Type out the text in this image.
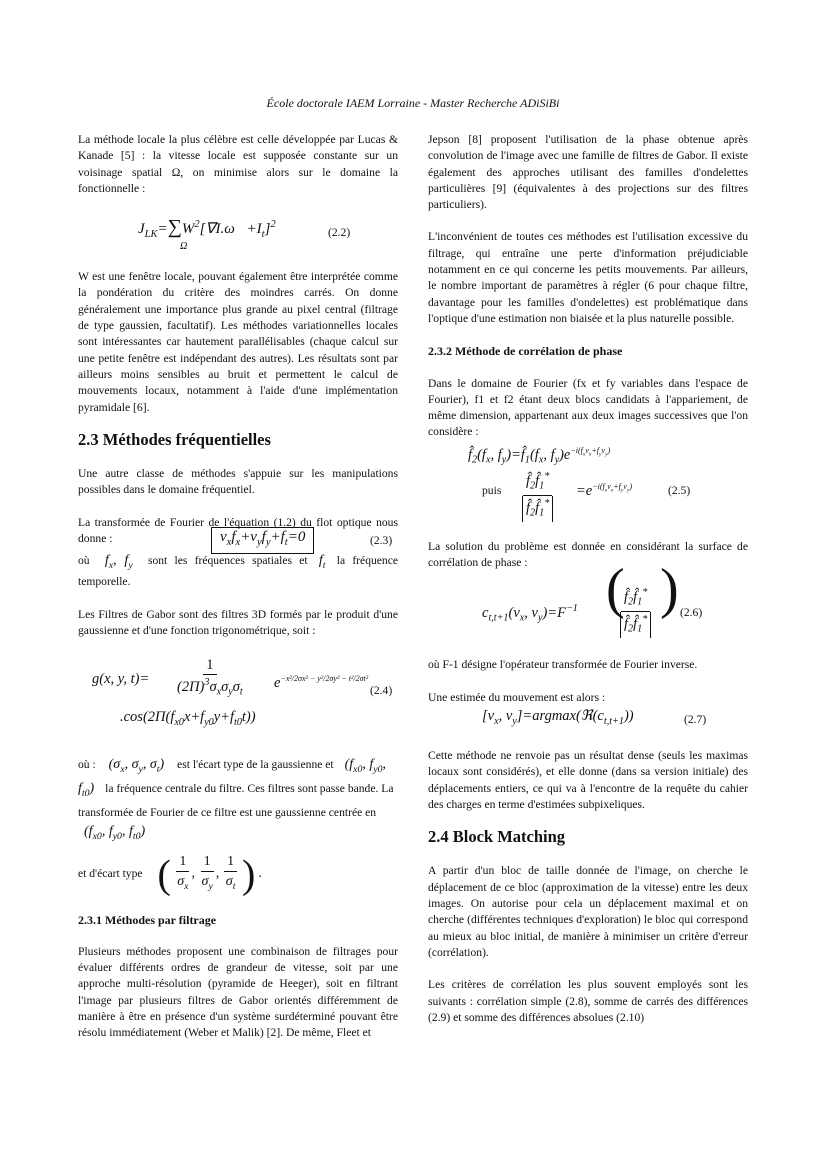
École doctorale IAEM Lorraine - Master Recherche ADiSiBi

La méthode locale la plus célèbre est celle développée par Lucas & Kanade [5] : la vitesse locale est supposée constante sur un voisinage spatial Ω, on minimise alors sur le domaine la fonctionnelle :

$J_{LK}=\sum W^2[\nabla I.\omega⃗+I_t]^2$
Ω
(2.2)

W est une fenêtre locale, pouvant également être interprétée comme la pondération du critère des moindres carrés. On donne généralement une importance plus grande au pixel central (filtrage de type gaussien, facultatif). Les méthodes variationnelles locales sont intéressantes car hautement parallélisables (chaque calcul sur une petite fenêtre est indépendant des autres). Les résultats sont par ailleurs moins sensibles au bruit et permettent le calcul de mouvements locaux, notamment à l'aide d'une implémentation pyramidale [6].

2.3 Méthodes fréquentielles

Une autre classe de méthodes s'appuie sur les manipulations possibles dans le domaine fréquentiel.

La transformée de Fourier de l'équation (1.2) du flot optique nous donne :	$v_xf_x+v_yf_y+f_t=0$	(2.3)
où $f_x$, $f_y$ sont les fréquences spatiales et $f_t$ la fréquence temporelle.

Les Filtres de Gabor sont des filtres 3D formés par le produit d'une gaussienne et d'une fonction trigonométrique, soit :

g(x, y, t)=
1
$(2\Pi)^3\sigma_x\sigma_y\sigma_t$
$e^{-x^2/2\sigma x^2 - y^2/2\sigma y^2 - t^2/2\sigma t^2}$
$.\cos(2\Pi(f_{x0}x+f_{y0}y+f_{t0}t))$
(2.4)
où : ($\sigma_x$, $\sigma_y$, $\sigma_t$) est l'écart type de la gaussienne et ($f_{x0}$, $f_{y0}$, $f_{t0}$) la fréquence centrale du filtre. Ces filtres sont passe bande. La transformée de Fourier de ce filtre est une gaussienne centrée en ($f_{x0}$, $f_{y0}$, $f_{t0}$)
et d'écart type ( $\frac{1}{\sigma_x}$ , $\frac{1}{\sigma_y}$ , $\frac{1}{\sigma_t}$ ) .
2.3.1 Méthodes par filtrage

Plusieurs méthodes proposent une combinaison de filtrages pour évaluer différents ordres de grandeur de vitesse, soit par une approche multi-résolution (pyramide de Heeger), soit en filtrant l'image par plusieurs filtres de Gabor orientés différemment de manière à être en présence d'un système surdéterminé pouvant être résolu immédiatement (Weber et Malik) [2]. De même, Fleet et

Jepson [8] proposent l'utilisation de la phase obtenue après convolution de l'image avec une famille de filtres de Gabor. Il existe également des approches utilisant des familles d'ondelettes particulières [9] (équivalentes à des projections sur des filtres particuliers).

L'inconvénient de toutes ces méthodes est l'utilisation excessive du filtrage, qui entraîne une perte d'information préjudiciable notamment en ce qui concerne les petits mouvements. Par ailleurs, le nombre important de paramètres à régler (6 pour chaque filtre, davantage pour les familles d'ondelettes) est problématique dans l'optique d'une estimation non biaisée et la plus naturelle possible.

2.3.2 Méthode de corrélation de phase

Dans le domaine de Fourier (fx et fy variables dans l'espace de Fourier), f1 et f2 étant deux blocs candidats à l'appariement, de même dimension, appartenant aux deux images successives que l'on considère :

$f̂_2(f_x$, $f_y)=f̂_1(f_x$, $f_y)e^{-i(f_xv_x+f_yv_y)}$
puis $\frac{f̂_2f̂_1^*}{f̂_2f̂_1^*} =e^{-i(f_xv_x+f_yv_y)}$	(2.5)

La solution du problème est donnée en considérant la surface de corrélation de phase :

$c_{t,t+1}(v_x$, $v_y)=F^{-1}$ (
$\frac{f̂_2f̂_1^*}{f̂_2f̂_1^*}$ ) (2.6)

où F-1 désigne l'opérateur transformée de Fourier inverse.

Une estimée du mouvement est alors :

[$v_x$, $v_y]=argmax(ℜ(c_{t,t+1}))$	(2.7)

Cette méthode ne renvoie pas un résultat dense (seuls les maximas locaux sont considérés), et elle donne (dans sa version initiale) des déplacements entiers, ce qui va à l'encontre de la requête du cahier des charges en terme d'estimées subpixeliques.

2.4 Block Matching

A partir d'un bloc de taille donnée de l'image, on cherche le déplacement de ce bloc (approximation de la vitesse) entre les deux images. On autorise pour cela un déplacement maximal et on cherche (différentes techniques d'exploration) le bloc qui correspond au mieux au bloc initial, de manière à minimiser un critère d'erreur (corrélation).

Les critères de corrélation les plus souvent employés sont les suivants : corrélation simple (2.8), somme de carrés des différences (2.9) et somme des différences absolues (2.10)
